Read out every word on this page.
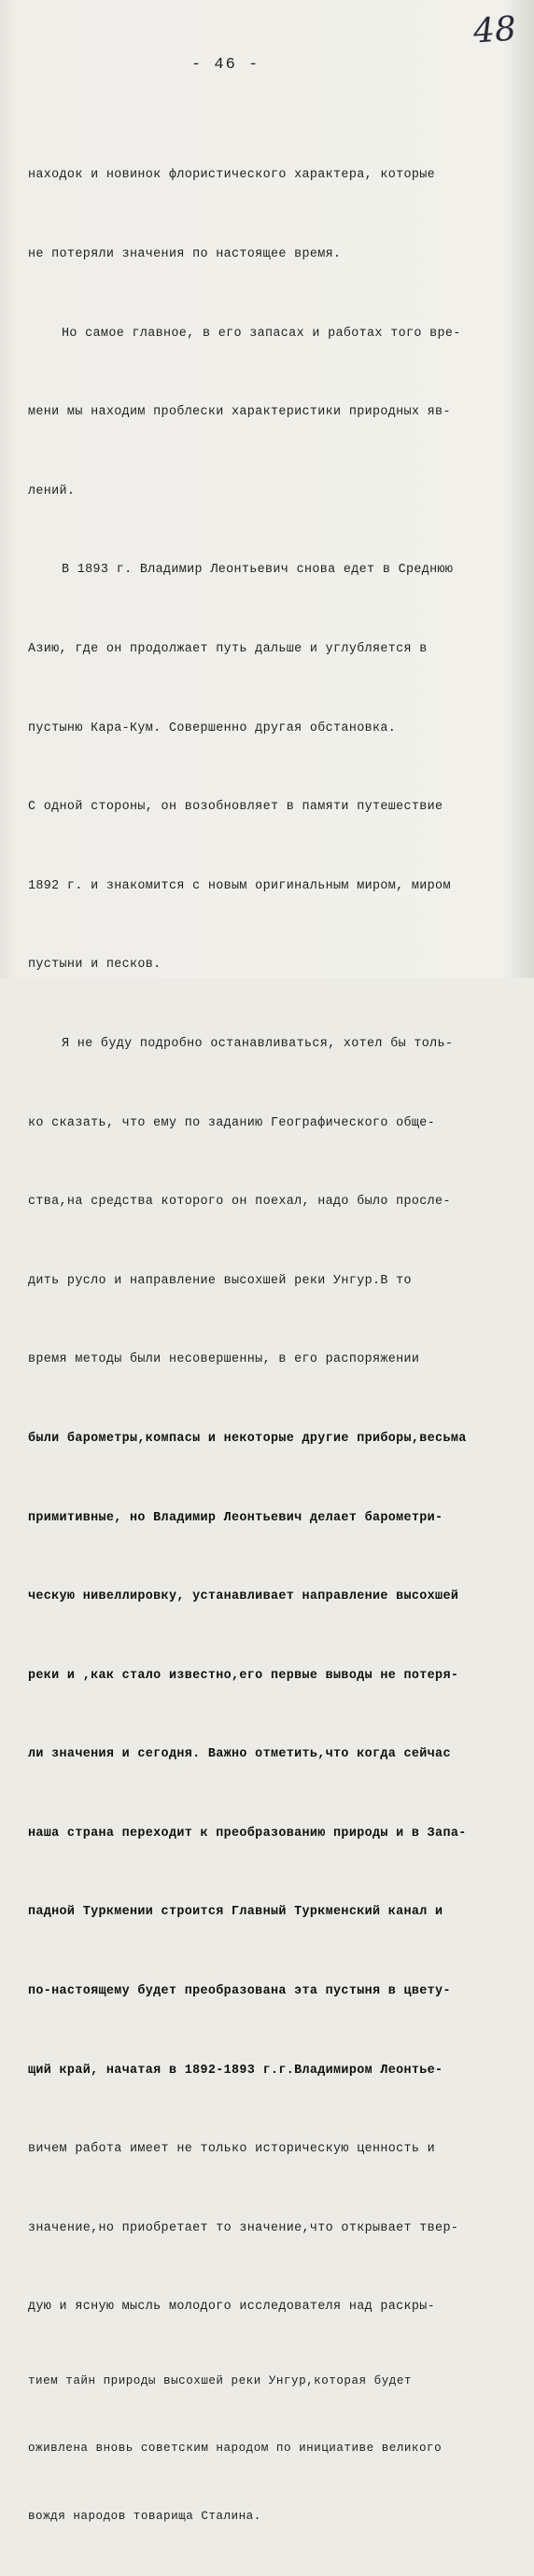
48
- 46 -

находок и новинок флористического характера, которые

не потеряли значения по настоящее время.

Но самое главное, в его запасах и работах того вре-

мени мы находим проблески характеристики природных яв-

лений.

В 1893 г. Владимир Леонтьевич снова едет в Среднюю

Азию, где он продолжает путь дальше и углубляется в

пустыню Кара-Кум. Совершенно другая обстановка.

С одной стороны, он возобновляет в памяти путешествие

1892 г. и знакомится с новым оригинальным миром, миром

пустыни и песков.

Я не буду подробно останавливаться, хотел бы толь-

ко сказать, что ему по заданию Географического обще-

ства,на средства которого он поехал, надо было просле-

дить русло и направление высохшей реки Унгур.В то

время методы были несовершенны, в его распоряжении

были барометры,компасы и некоторые другие приборы,весьма

примитивные, но Владимир Леонтьевич делает барометри-

ческую нивеллировку, устанавливает направление высохшей

реки и ,как стало известно,его первые выводы не потеря-

ли значения и сегодня. Важно отметить,что когда сейчас

наша страна переходит к преобразованию природы и в Запа-

падной Туркмении строится Главный Туркменский канал и

по-настоящему будет преобразована эта пустыня в цвету-

щий край, начатая в 1892-1893 г.г.Владимиром Леонтье-

вичем работа имеет не только историческую ценность и

значение,но приобретает то значение,что открывает твер-

дую и ясную мысль молодого исследователя над раскры-

тием тайн природы высохшей реки Унгур,которая будет

оживлена вновь советским народом по инициативе великого

вождя народов товарища Сталина.
